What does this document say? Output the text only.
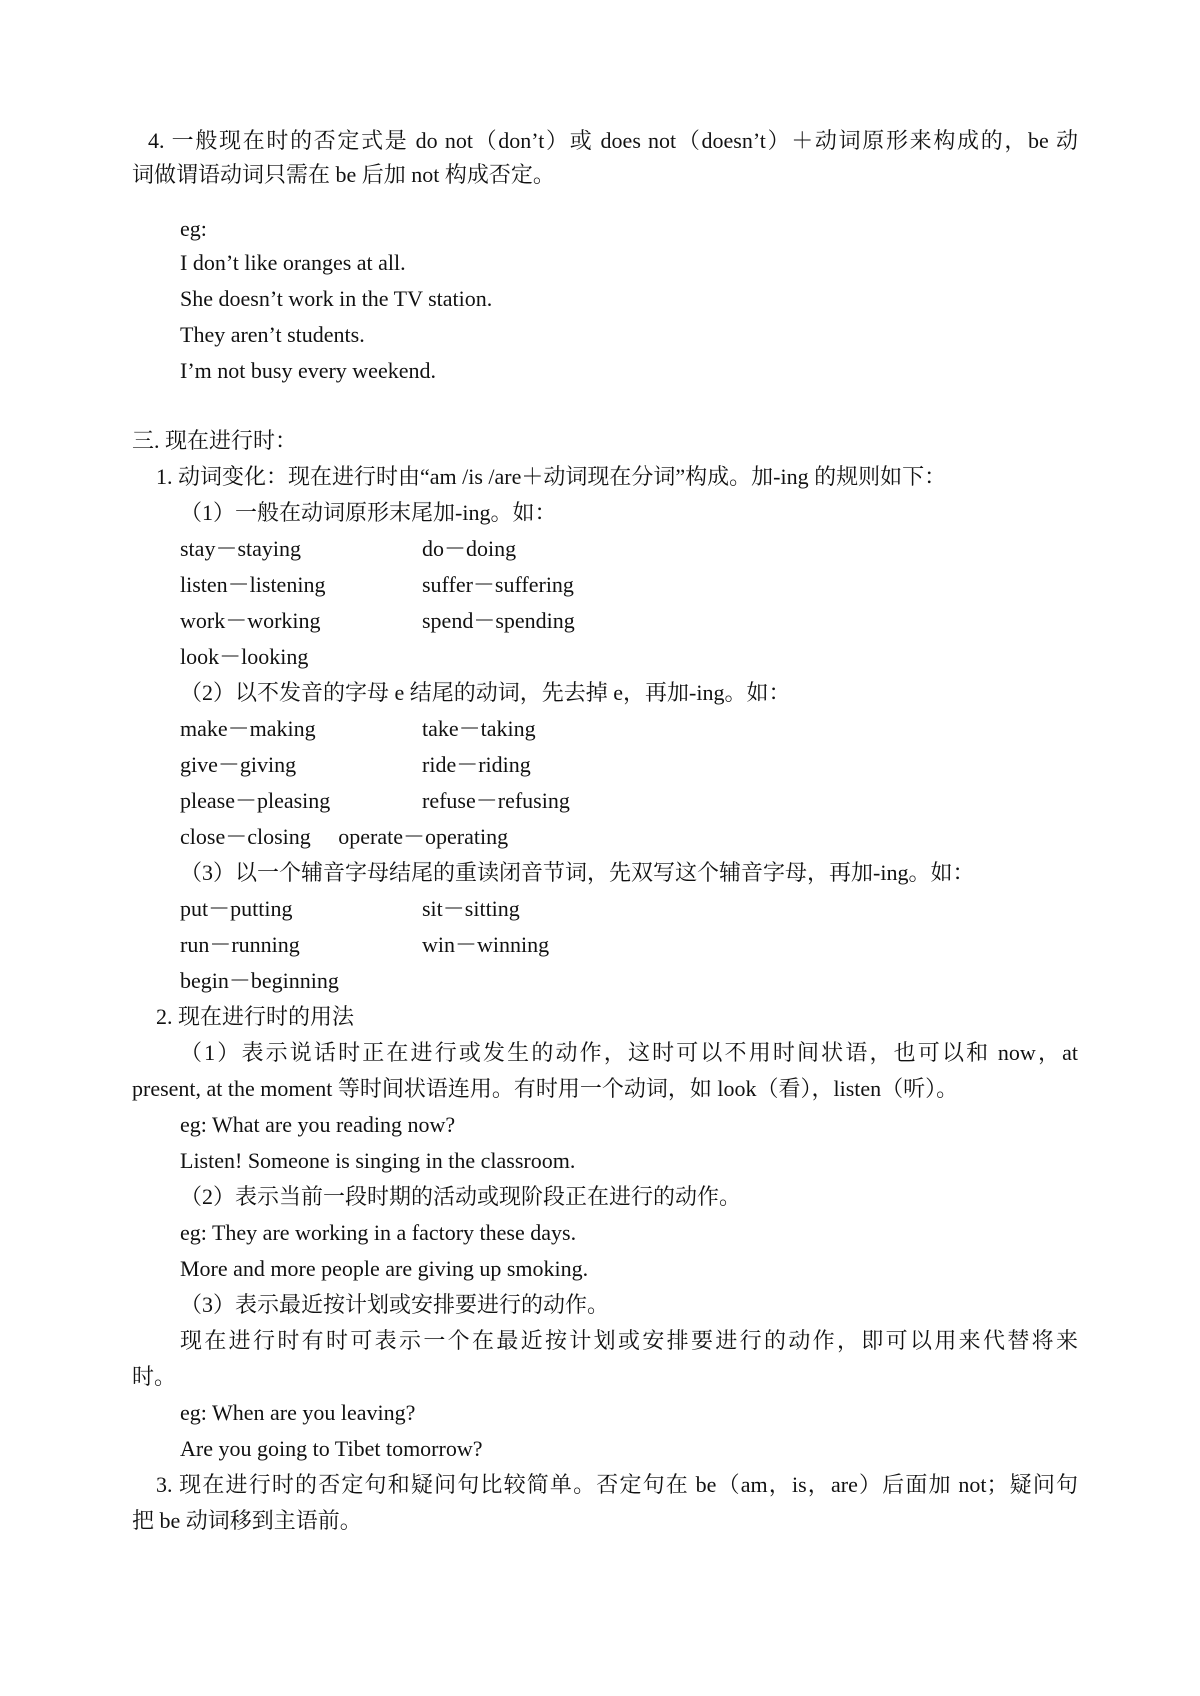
4. 一般现在时的否定式是 do not（don’t）或 does not（doesn’t）＋动词原形来构成的，be 动
词做谓语动词只需在 be 后加 not 构成否定。
eg:
I don’t like oranges at all.
She doesn’t work in the TV station.
They aren’t students.
I’m not busy every weekend.
三. 现在进行时：
1. 动词变化：现在进行时由“am /is /are＋动词现在分词”构成。加-ing 的规则如下：
（1）一般在动词原形末尾加-ing。如：
stay－staying	do－doing
listen－listening	suffer－suffering
work－working	spend－spending
look－looking
（2）以不发音的字母 e 结尾的动词，先去掉 e，再加-ing。如：
make－making	take－taking
give－giving	ride－riding
please－pleasing	refuse－refusing
close－closing     operate－operating
（3）以一个辅音字母结尾的重读闭音节词，先双写这个辅音字母，再加-ing。如：
put－putting	sit－sitting
run－running	win－winning
begin－beginning
2. 现在进行时的用法
（1）表示说话时正在进行或发生的动作，这时可以不用时间状语，也可以和 now，at
present, at the moment 等时间状语连用。有时用一个动词，如 look（看），listen（听）。
eg: What are you reading now?
Listen! Someone is singing in the classroom.
（2）表示当前一段时期的活动或现阶段正在进行的动作。
eg: They are working in a factory these days.
More and more people are giving up smoking.
（3）表示最近按计划或安排要进行的动作。
现在进行时有时可表示一个在最近按计划或安排要进行的动作，即可以用来代替将来
时。
eg: When are you leaving?
Are you going to Tibet tomorrow?
3. 现在进行时的否定句和疑问句比较简单。否定句在 be（am，is，are）后面加 not；疑问句
把 be 动词移到主语前。
